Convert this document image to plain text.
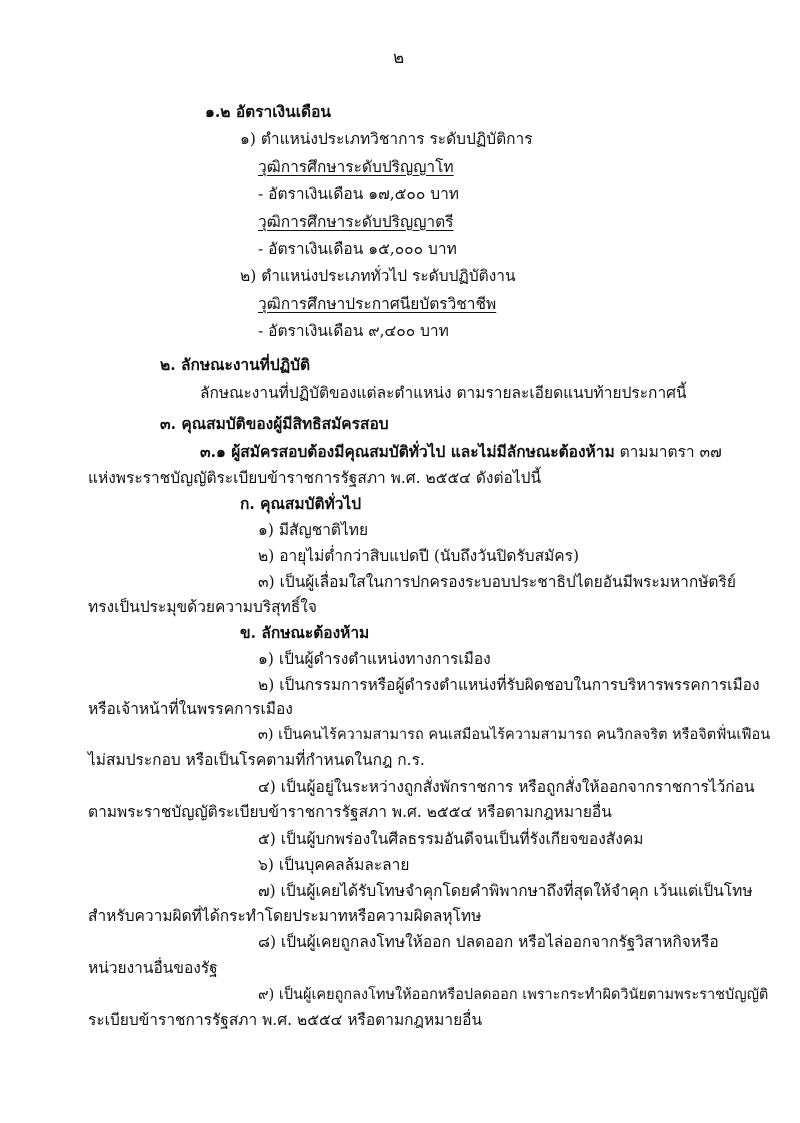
๒
๑.๒ อัตราเงินเดือน
๑) ตำแหน่งประเภทวิชาการ ระดับปฏิบัติการ
วุฒิการศึกษาระดับปริญญาโท
- อัตราเงินเดือน ๑๗,๕๐๐ บาท
วุฒิการศึกษาระดับปริญญาตรี
- อัตราเงินเดือน ๑๕,๐๐๐ บาท
๒) ตำแหน่งประเภททั่วไป ระดับปฏิบัติงาน
วุฒิการศึกษาประกาศนียบัตรวิชาชีพ
- อัตราเงินเดือน ๙,๔๐๐ บาท
๒. ลักษณะงานที่ปฏิบัติ
ลักษณะงานที่ปฏิบัติของแต่ละตำแหน่ง ตามรายละเอียดแนบท้ายประกาศนี้
๓. คุณสมบัติของผู้มีสิทธิสมัครสอบ
๓.๑ ผู้สมัครสอบต้องมีคุณสมบัติทั่วไป และไม่มีลักษณะต้องห้าม ตามมาตรา ๓๗
แห่งพระราชบัญญัติระเบียบข้าราชการรัฐสภา พ.ศ. ๒๕๕๔ ดังต่อไปนี้
ก. คุณสมบัติทั่วไป
๑) มีสัญชาติไทย
๒) อายุไม่ต่ำกว่าสิบแปดปี (นับถึงวันปิดรับสมัคร)
๓) เป็นผู้เลื่อมใสในการปกครองระบอบประชาธิปไตยอันมีพระมหากษัตริย์
ทรงเป็นประมุขด้วยความบริสุทธิ์ใจ
ข. ลักษณะต้องห้าม
๑) เป็นผู้ดำรงตำแหน่งทางการเมือง
๒) เป็นกรรมการหรือผู้ดำรงตำแหน่งที่รับผิดชอบในการบริหารพรรคการเมือง
หรือเจ้าหน้าที่ในพรรคการเมือง
๓) เป็นคนไร้ความสามารถ คนเสมือนไร้ความสามารถ คนวิกลจริต หรือจิตฟั่นเฟือน
ไม่สมประกอบ หรือเป็นโรคตามที่กำหนดในกฎ ก.ร.
๔) เป็นผู้อยู่ในระหว่างถูกสั่งพักราชการ หรือถูกสั่งให้ออกจากราชการไว้ก่อน
ตามพระราชบัญญัติระเบียบข้าราชการรัฐสภา พ.ศ. ๒๕๕๔ หรือตามกฎหมายอื่น
๕) เป็นผู้บกพร่องในศีลธรรมอันดีจนเป็นที่รังเกียจของสังคม
๖) เป็นบุคคลล้มละลาย
๗) เป็นผู้เคยได้รับโทษจำคุกโดยคำพิพากษาถึงที่สุดให้จำคุก เว้นแต่เป็นโทษ
สำหรับความผิดที่ได้กระทำโดยประมาทหรือความผิดลหุโทษ
๘) เป็นผู้เคยถูกลงโทษให้ออก ปลดออก หรือไล่ออกจากรัฐวิสาหกิจหรือ
หน่วยงานอื่นของรัฐ
๙) เป็นผู้เคยถูกลงโทษให้ออกหรือปลดออก เพราะกระทำผิดวินัยตามพระราชบัญญัติ
ระเบียบข้าราชการรัฐสภา พ.ศ. ๒๕๕๔ หรือตามกฎหมายอื่น
